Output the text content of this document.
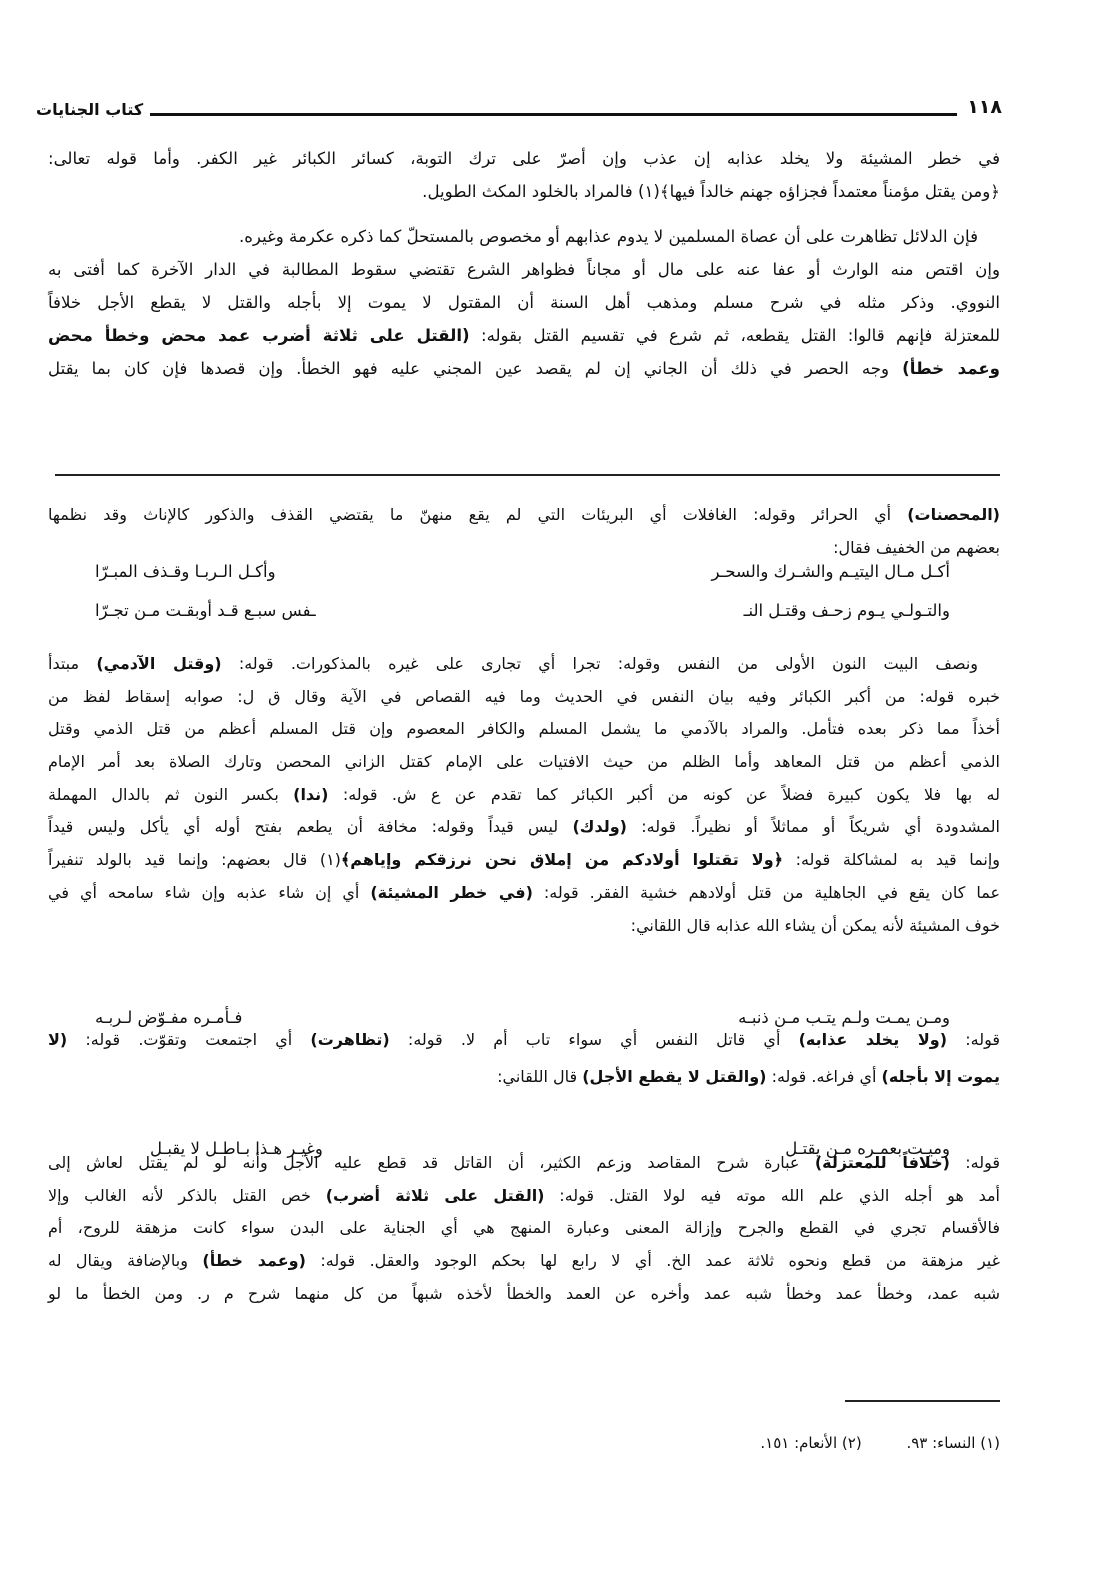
١١٨
كتاب الجنايات
في خطر المشيئة ولا يخلد عذابه إن عذب وإن أصرّ على ترك التوبة، كسائر الكبائر غير الكفر. وأما قوله تعالى:
﴿ومن يقتل مؤمناً معتمداً فجزاؤه جهنم خالداً فيها﴾(١) فالمراد بالخلود المكث الطويل.
فإن الدلائل تظاهرت على أن عصاة المسلمين لا يدوم عذابهم أو مخصوص بالمستحلّ كما ذكره عكرمة وغيره.
وإن اقتص منه الوارث أو عفا عنه على مال أو مجاناً فظواهر الشرع تقتضي سقوط المطالبة في الدار الآخرة كما أفتى به
النووي. وذكر مثله في شرح مسلم ومذهب أهل السنة أن المقتول لا يموت إلا بأجله والقتل لا يقطع الأجل خلافاً
للمعتزلة فإنهم قالوا: القتل يقطعه، ثم شرع في تقسيم القتل بقوله: (القتل على ثلاثة أضرب عمد محض وخطأ محض
وعمد خطأ) وجه الحصر في ذلك أن الجاني إن لم يقصد عين المجني عليه فهو الخطأ. وإن قصدها فإن كان بما يقتل
(المحصنات) أي الحرائر وقوله: الغافلات أي البريئات التي لم يقع منهنّ ما يقتضي القذف والذكور كالإناث وقد نظمها
بعضهم من الخفيف فقال:
أكـل مـال اليتيـم والشـرك والسحـر
وأكـل الـربـا وقـذف المبـرّا
والتـولـي يـوم زحـف وقتـل النـ
ـفس سبـع قـد أوبقـت مـن تجـرّا
ونصف البيت النون الأولى من النفس وقوله: تجرا أي تجارى على غيره بالمذكورات. قوله: (وقتل الآدمي) مبتدأ
خبره قوله: من أكبر الكبائر وفيه بيان النفس في الحديث وما فيه القصاص في الآية وقال ق ل: صوابه إسقاط لفظ من
أخذاً مما ذكر بعده فتأمل. والمراد بالآدمي ما يشمل المسلم والكافر المعصوم وإن قتل المسلم أعظم من قتل الذمي وقتل
الذمي أعظم من قتل المعاهد وأما الظلم من حيث الافتيات على الإمام كقتل الزاني المحصن وتارك الصلاة بعد أمر الإمام
له بها فلا يكون كبيرة فضلاً عن كونه من أكبر الكبائر كما تقدم عن ع ش. قوله: (ندا) بكسر النون ثم بالدال المهملة
المشدودة أي شريكاً أو مماثلاً أو نظيراً. قوله: (ولدك) ليس قيداً وقوله: مخافة أن يطعم بفتح أوله أي يأكل وليس قيداً
وإنما قيد به لمشاكلة قوله: ﴿ولا تقتلوا أولادكم من إملاق نحن نرزقكم وإياهم﴾(١) قال بعضهم: وإنما قيد بالولد تنفيراً
عما كان يقع في الجاهلية من قتل أولادهم خشية الفقر. قوله: (في خطر المشيئة) أي إن شاء عذبه وإن شاء سامحه أي في
خوف المشيئة لأنه يمكن أن يشاء الله عذابه قال اللقاني:
ومـن يمـت ولـم يتـب مـن ذنبـه
فـأمـره مفـوّض لـربـه
قوله: (ولا يخلد عذابه) أي قاتل النفس أي سواء تاب أم لا. قوله: (تظاهرت) أي اجتمعت وتقوّت. قوله: (لا
يموت إلا بأجله) أي فراغه. قوله: (والقتل لا يقطع الأجل) قال اللقاني:
وميـت بعمـره مـن يقتـل
وغيـر هـذا بـاطـل لا يقبـل
قوله: (خلافاً للمعتزلة) عبارة شرح المقاصد وزعم الكثير، أن القاتل قد قطع عليه الأجل وأنه لو لم يقتل لعاش إلى
أمد هو أجله الذي علم الله موته فيه لولا القتل. قوله: (القتل على ثلاثة أضرب) خص القتل بالذكر لأنه الغالب وإلا
فالأقسام تجري في القطع والجرح وإزالة المعنى وعبارة المنهج هي أي الجناية على البدن سواء كانت مزهقة للروح، أم
غير مزهقة من قطع ونحوه ثلاثة عمد الخ. أي لا رابع لها بحكم الوجود والعقل. قوله: (وعمد خطأ) وبالإضافة ويقال له
شبه عمد، وخطأ عمد وخطأ شبه عمد وأخره عن العمد والخطأ لأخذه شبهاً من كل منهما شرح م ر. ومن الخطأ ما لو
(١) النساء: ٩٣. (٢) الأنعام: ١٥١.
